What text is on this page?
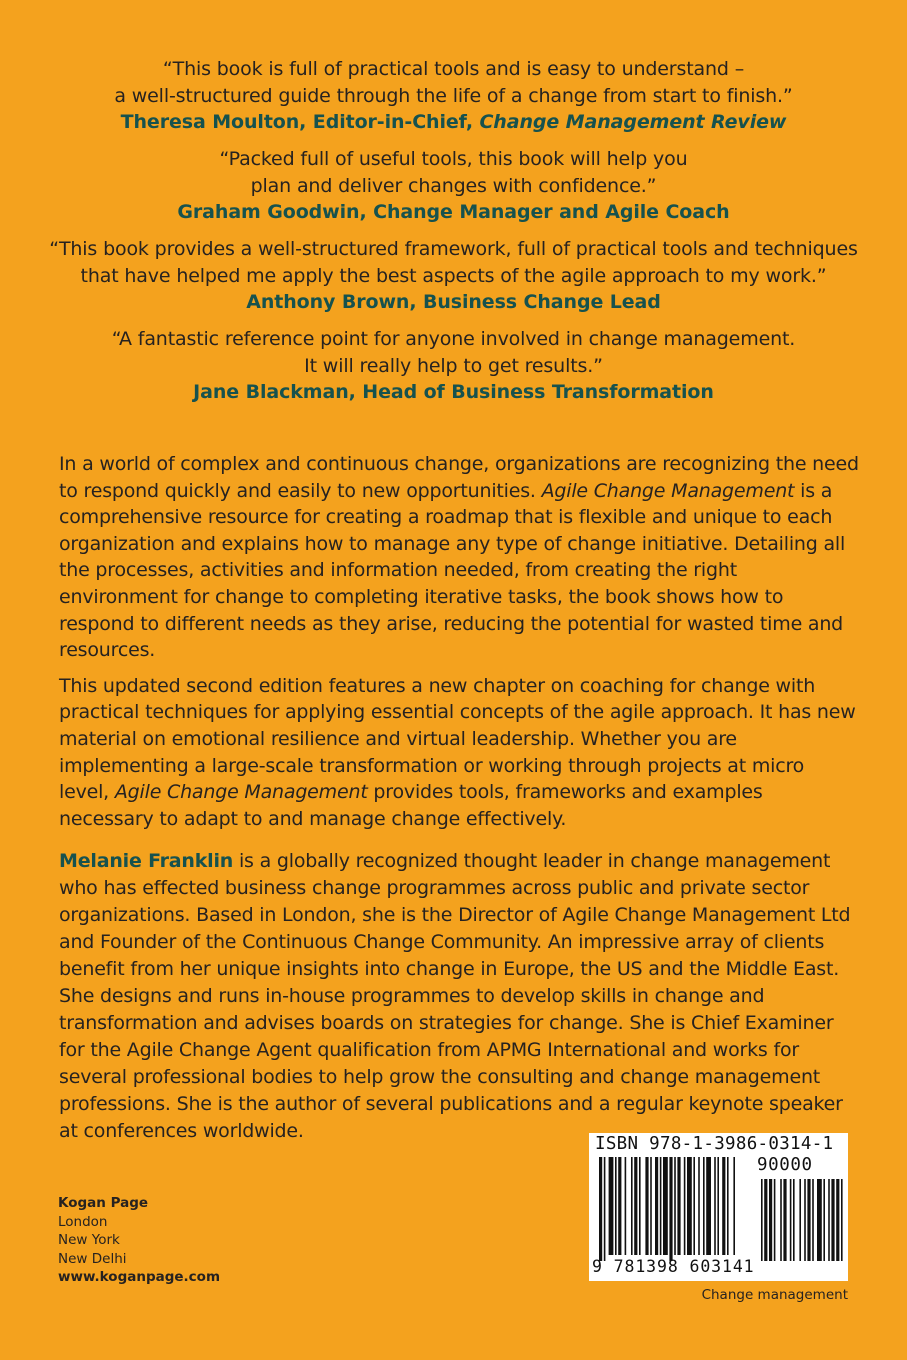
“This book is full of practical tools and is easy to understand –
a well-structured guide through the life of a change from start to finish.”
Theresa Moulton, Editor-in-Chief, Change Management Review
“Packed full of useful tools, this book will help you
plan and deliver changes with confidence.”
Graham Goodwin, Change Manager and Agile Coach
“This book provides a well-structured framework, full of practical tools and techniques
that have helped me apply the best aspects of the agile approach to my work.”
Anthony Brown, Business Change Lead
“A fantastic reference point for anyone involved in change management.
It will really help to get results.”
Jane Blackman, Head of Business Transformation

In a world of complex and continuous change, organizations are recognizing the need to respond quickly and easily to new opportunities. Agile Change Management is a comprehensive resource for creating a roadmap that is flexible and unique to each organization and explains how to manage any type of change initiative. Detailing all the processes, activities and information needed, from creating the right environment for change to completing iterative tasks, the book shows how to respond to different needs as they arise, reducing the potential for wasted time and resources.

This updated second edition features a new chapter on coaching for change with practical techniques for applying essential concepts of the agile approach. It has new material on emotional resilience and virtual leadership. Whether you are implementing a large-scale transformation or working through projects at micro level, Agile Change Management provides tools, frameworks and examples necessary to adapt to and manage change effectively.

Melanie Franklin is a globally recognized thought leader in change management who has effected business change programmes across public and private sector organizations. Based in London, she is the Director of Agile Change Management Ltd and Founder of the Continuous Change Community. An impressive array of clients benefit from her unique insights into change in Europe, the US and the Middle East. She designs and runs in-house programmes to develop skills in change and transformation and advises boards on strategies for change. She is Chief Examiner for the Agile Change Agent qualification from APMG International and works for several professional bodies to help grow the consulting and change management professions. She is the author of several publications and a regular keynote speaker at conferences worldwide.
Kogan Page
London
New York
New Delhi
www.koganpage.com
ISBN 978-1-3986-0314-1
90000
9 781398 603141
Change management
